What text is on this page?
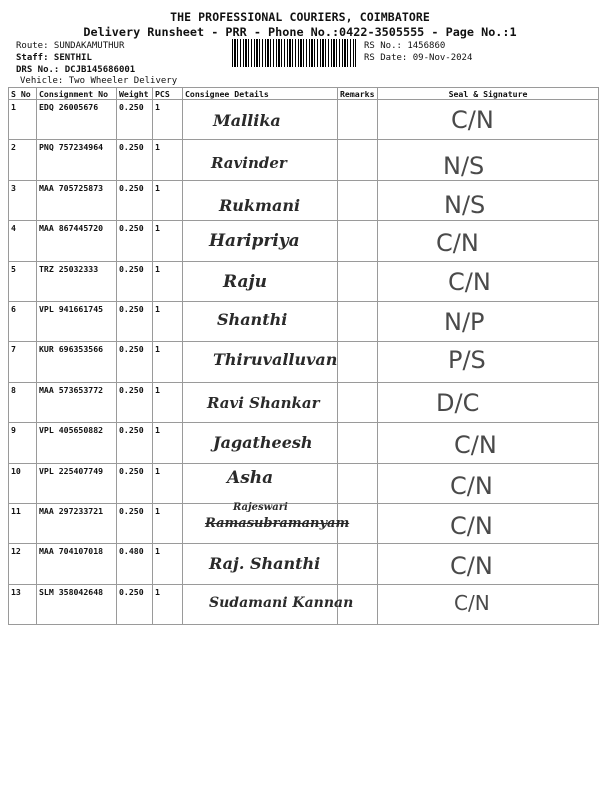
THE PROFESSIONAL COURIERS, COIMBATORE
Delivery Runsheet - PRR - Phone No.:0422-3505555 - Page No.:1
Route: SUNDAKAMUTHUR
Staff: SENTHIL
DRS No.: DCJB145686001
Vehicle: Two Wheeler Delivery
RS No.: 1456860
RS Date: 09-Nov-2024
S No	Consignment No	Weight	PCS	Consignee Details	Remarks	Seal & Signature
1	EDQ 26005676	0.250	1	Mallika		C/N

2	PNQ 757234964	0.250	1	Ravinder		N/S

3	MAA 705725873	0.250	1	Rukmani		N/S

4	MAA 867445720	0.250	1	Haripriya		C/N

5	TRZ 25032333	0.250	1	Raju		C/N

6	VPL 941661745	0.250	1	Shanthi		N/P

7	KUR 696353566	0.250	1	Thiruvalluvan		P/S

8	MAA 573653772	0.250	1	Ravi Shankar		D/C

9	VPL 405650882	0.250	1	Jagatheesh		C/N

10	VPL 225407749	0.250	1	Asha		C/N

11	MAA 297233721	0.250	1	Rajeswari
Ramasubramanyam		C/N

12	MAA 704107018	0.480	1	Raj. Shanthi		C/N

13	SLM 358042648	0.250	1	Sudamani Kannan		C/N
